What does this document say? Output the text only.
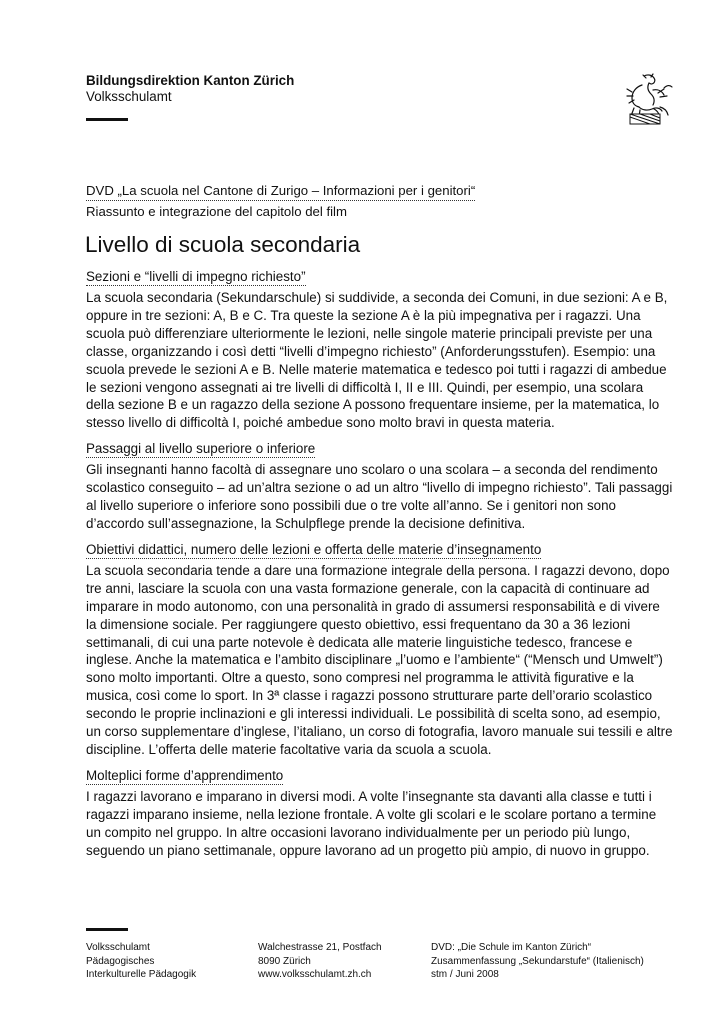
Bildungsdirektion Kanton Zürich
Volksschulamt
DVD „La scuola nel Cantone di Zurigo – Informazioni per i genitori“
Riassunto e integrazione del capitolo del film
Livello di scuola secondaria
Sezioni e “livelli di impegno richiesto”

La scuola secondaria (Sekundarschule) si suddivide, a seconda dei Comuni, in due sezioni: A e B, oppure in tre sezioni: A, B e C. Tra queste la sezione A è la più impegnativa per i ragazzi. Una scuola può differenziare ulteriormente le lezioni, nelle singole materie principali previste per una classe, organizzando i così detti “livelli d’impegno richiesto” (Anforderungsstufen). Esempio: una scuola prevede le sezioni A e B. Nelle materie matematica e tedesco poi tutti i ragazzi di ambedue le sezioni vengono assegnati ai tre livelli di difficoltà I, II e III. Quindi, per esempio, una scolara della sezione B e un ragazzo della sezione A possono frequentare insieme, per la matematica, lo stesso livello di difficoltà I, poiché ambedue sono molto bravi in questa materia.

Passaggi al livello superiore o inferiore

Gli insegnanti hanno facoltà di assegnare uno scolaro o una scolara – a seconda del rendimento scolastico conseguito – ad un’altra sezione o ad un altro “livello di impegno richiesto”. Tali passaggi al livello superiore o inferiore sono possibili due o tre volte all’anno. Se i genitori non sono d’accordo sull’assegnazione, la Schulpflege prende la decisione definitiva.

Obiettivi didattici, numero delle lezioni e offerta delle materie d’insegnamento

La scuola secondaria tende a dare una formazione integrale della persona. I ragazzi devono, dopo tre anni, lasciare la scuola con una vasta formazione generale, con la capacità di continuare ad imparare in modo autonomo, con una personalità in grado di assumersi responsabilità e di vivere la dimensione sociale. Per raggiungere questo obiettivo, essi frequentano da 30 a 36 lezioni settimanali, di cui una parte notevole è dedicata alle materie linguistiche tedesco, francese e inglese. Anche la matematica e l’ambito disciplinare „l’uomo e l’ambiente“ (“Mensch und Umwelt”) sono molto importanti. Oltre a questo, sono compresi nel programma le attività figurative e la musica, così come lo sport. In 3ª classe i ragazzi possono strutturare parte dell’orario scolastico secondo le proprie inclinazioni e gli interessi individuali. Le possibilità di scelta sono, ad esempio, un corso supplementare d’inglese, l’italiano, un corso di fotografia, lavoro manuale sui tessili e altre discipline. L’offerta delle materie facoltative varia da scuola a scuola.

Molteplici forme d’apprendimento

I ragazzi lavorano e imparano in diversi modi. A volte l’insegnante sta davanti alla classe e tutti i ragazzi imparano insieme, nella lezione frontale. A volte gli scolari e le scolare portano a termine un compito nel gruppo. In altre occasioni lavorano individualmente per un periodo più lungo, seguendo un piano settimanale, oppure lavorano ad un progetto più ampio, di nuovo in gruppo.

Volksschulamt
Pädagogisches
Interkulturelle Pädagogik
Walchestrasse 21, Postfach
8090 Zürich
www.volksschulamt.zh.ch
DVD: „Die Schule im Kanton Zürich“
Zusammenfassung „Sekundarstufe“ (Italienisch)
stm / Juni 2008
